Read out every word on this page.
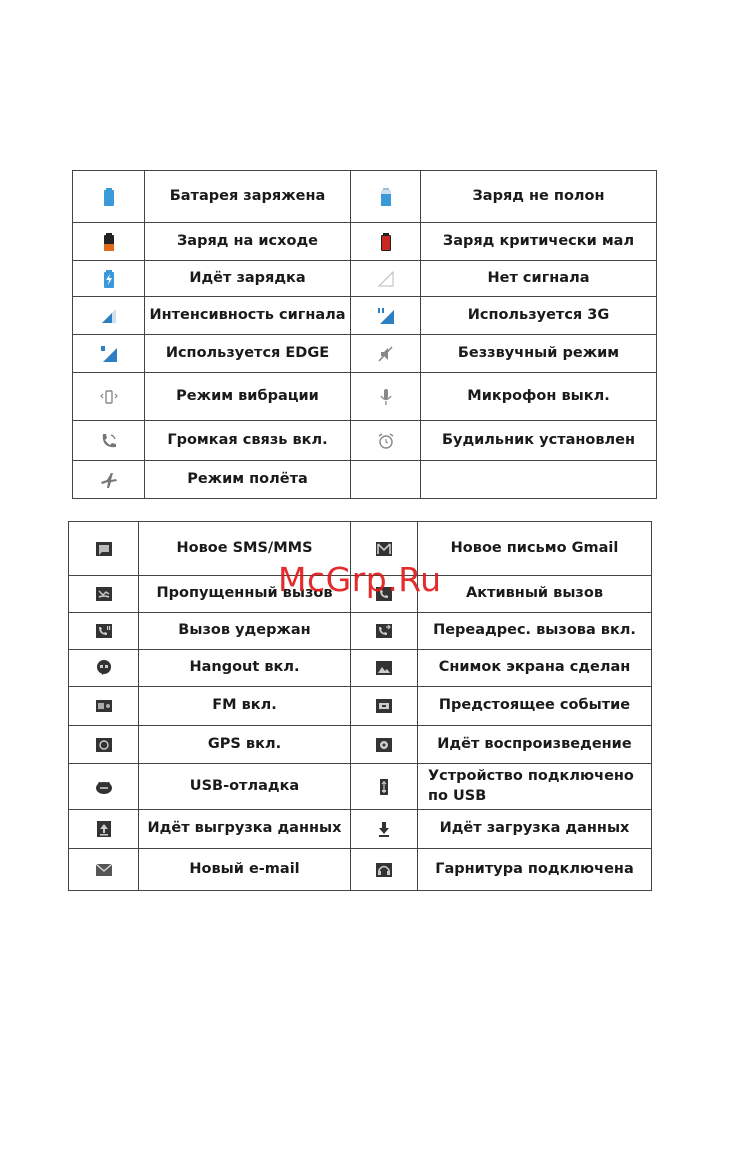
	Батарея заряжена		Заряд не полон

	Заряд на исходе		Заряд критически мал

	Идёт зарядка		Нет сигнала

	Интенсивность сигнала		Используется 3G

	Используется EDGE		Беззвучный режим

	Режим вибрации		Микрофон выкл.

	Громкая связь вкл.		Будильник установлен

	Режим полёта		
	Новое SMS/MMS		Новое письмо Gmail

	Пропущенный вызов		Активный вызов

	Вызов удержан		Переадрес. вызова вкл.

	Hangout вкл.		Снимок экрана сделан

	FM вкл.		Предстоящее событие

	GPS вкл.		Идёт воспроизведение

	USB-отладка		Устройство подключено по USB

	Идёт выгрузка данных		Идёт загрузка данных

	Новый e-mail		Гарнитура подключена
McGrp.Ru
